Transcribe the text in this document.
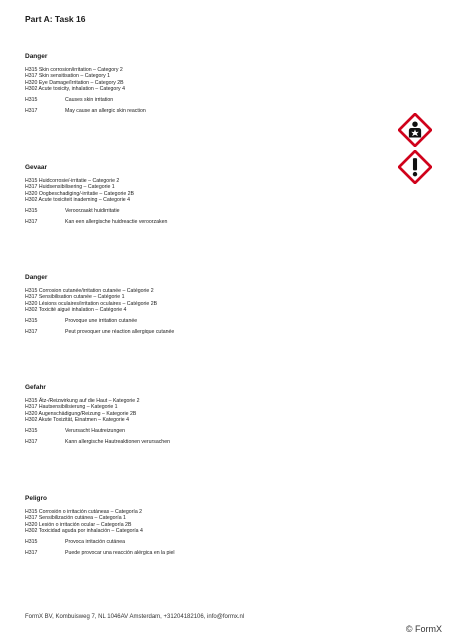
Part A: Task 16
Danger
H315 Skin corrosion/irritation – Category 2
H317 Skin sensitisation – Category 1
H320 Eye Damage/Irritation – Category 2B
H302 Acute toxicity, inhalation – Category 4
H315	Causes skin irritation
H317	May cause an allergic skin reaction
Gevaar
H315 Huidcorrosie/-irritatie – Categorie 2
H317 Huidsensibilisering – Categorie 1
H320 Oogbeschadiging/-irritatie – Categorie 2B
H302 Acute toxiciteit inademing – Categorie 4
H315	Veroorzaakt huidirritatie
H317	Kan een allergische huidreactie veroorzaken
Danger
H315 Corrosion cutanée/irritation cutanée – Catégorie 2
H317 Sensibilisation cutanée – Catégorie 1
H320 Lésions oculaires/irritation oculaires – Catégorie 2B
H302 Toxicité aiguë inhalation – Catégorie 4
H315	Provoque une irritation cutanée
H317	Peut provoquer une réaction allergique cutanée
Gefahr
H315 Ätz-/Reizwirkung auf die Haut – Kategorie 2
H317 Hautsensibilisierung – Kategorie 1
H320 Augenschädigung/Reizung – Kategorie 2B
H302 Akute Toxizität, Einatmen – Kategorie 4
H315	Verursacht Hautreizungen
H317	Kann allergische Hautreaktionen verursachen
Peligro
H315 Corrosión o irritación cutáneas – Categoría 2
H317 Sensibilización cutánea – Categoría 1
H320 Lesión o irritación ocular – Categoría 2B
H302 Toxicidad aguda por inhalación – Categoría 4
H315	Provoca irritación cutánea
H317	Puede provocar una reacción alérgica en la piel
FormX BV, Kombuisweg 7, NL 1046AV Amsterdam, +31204182106, info@formx.nl
© FormX
